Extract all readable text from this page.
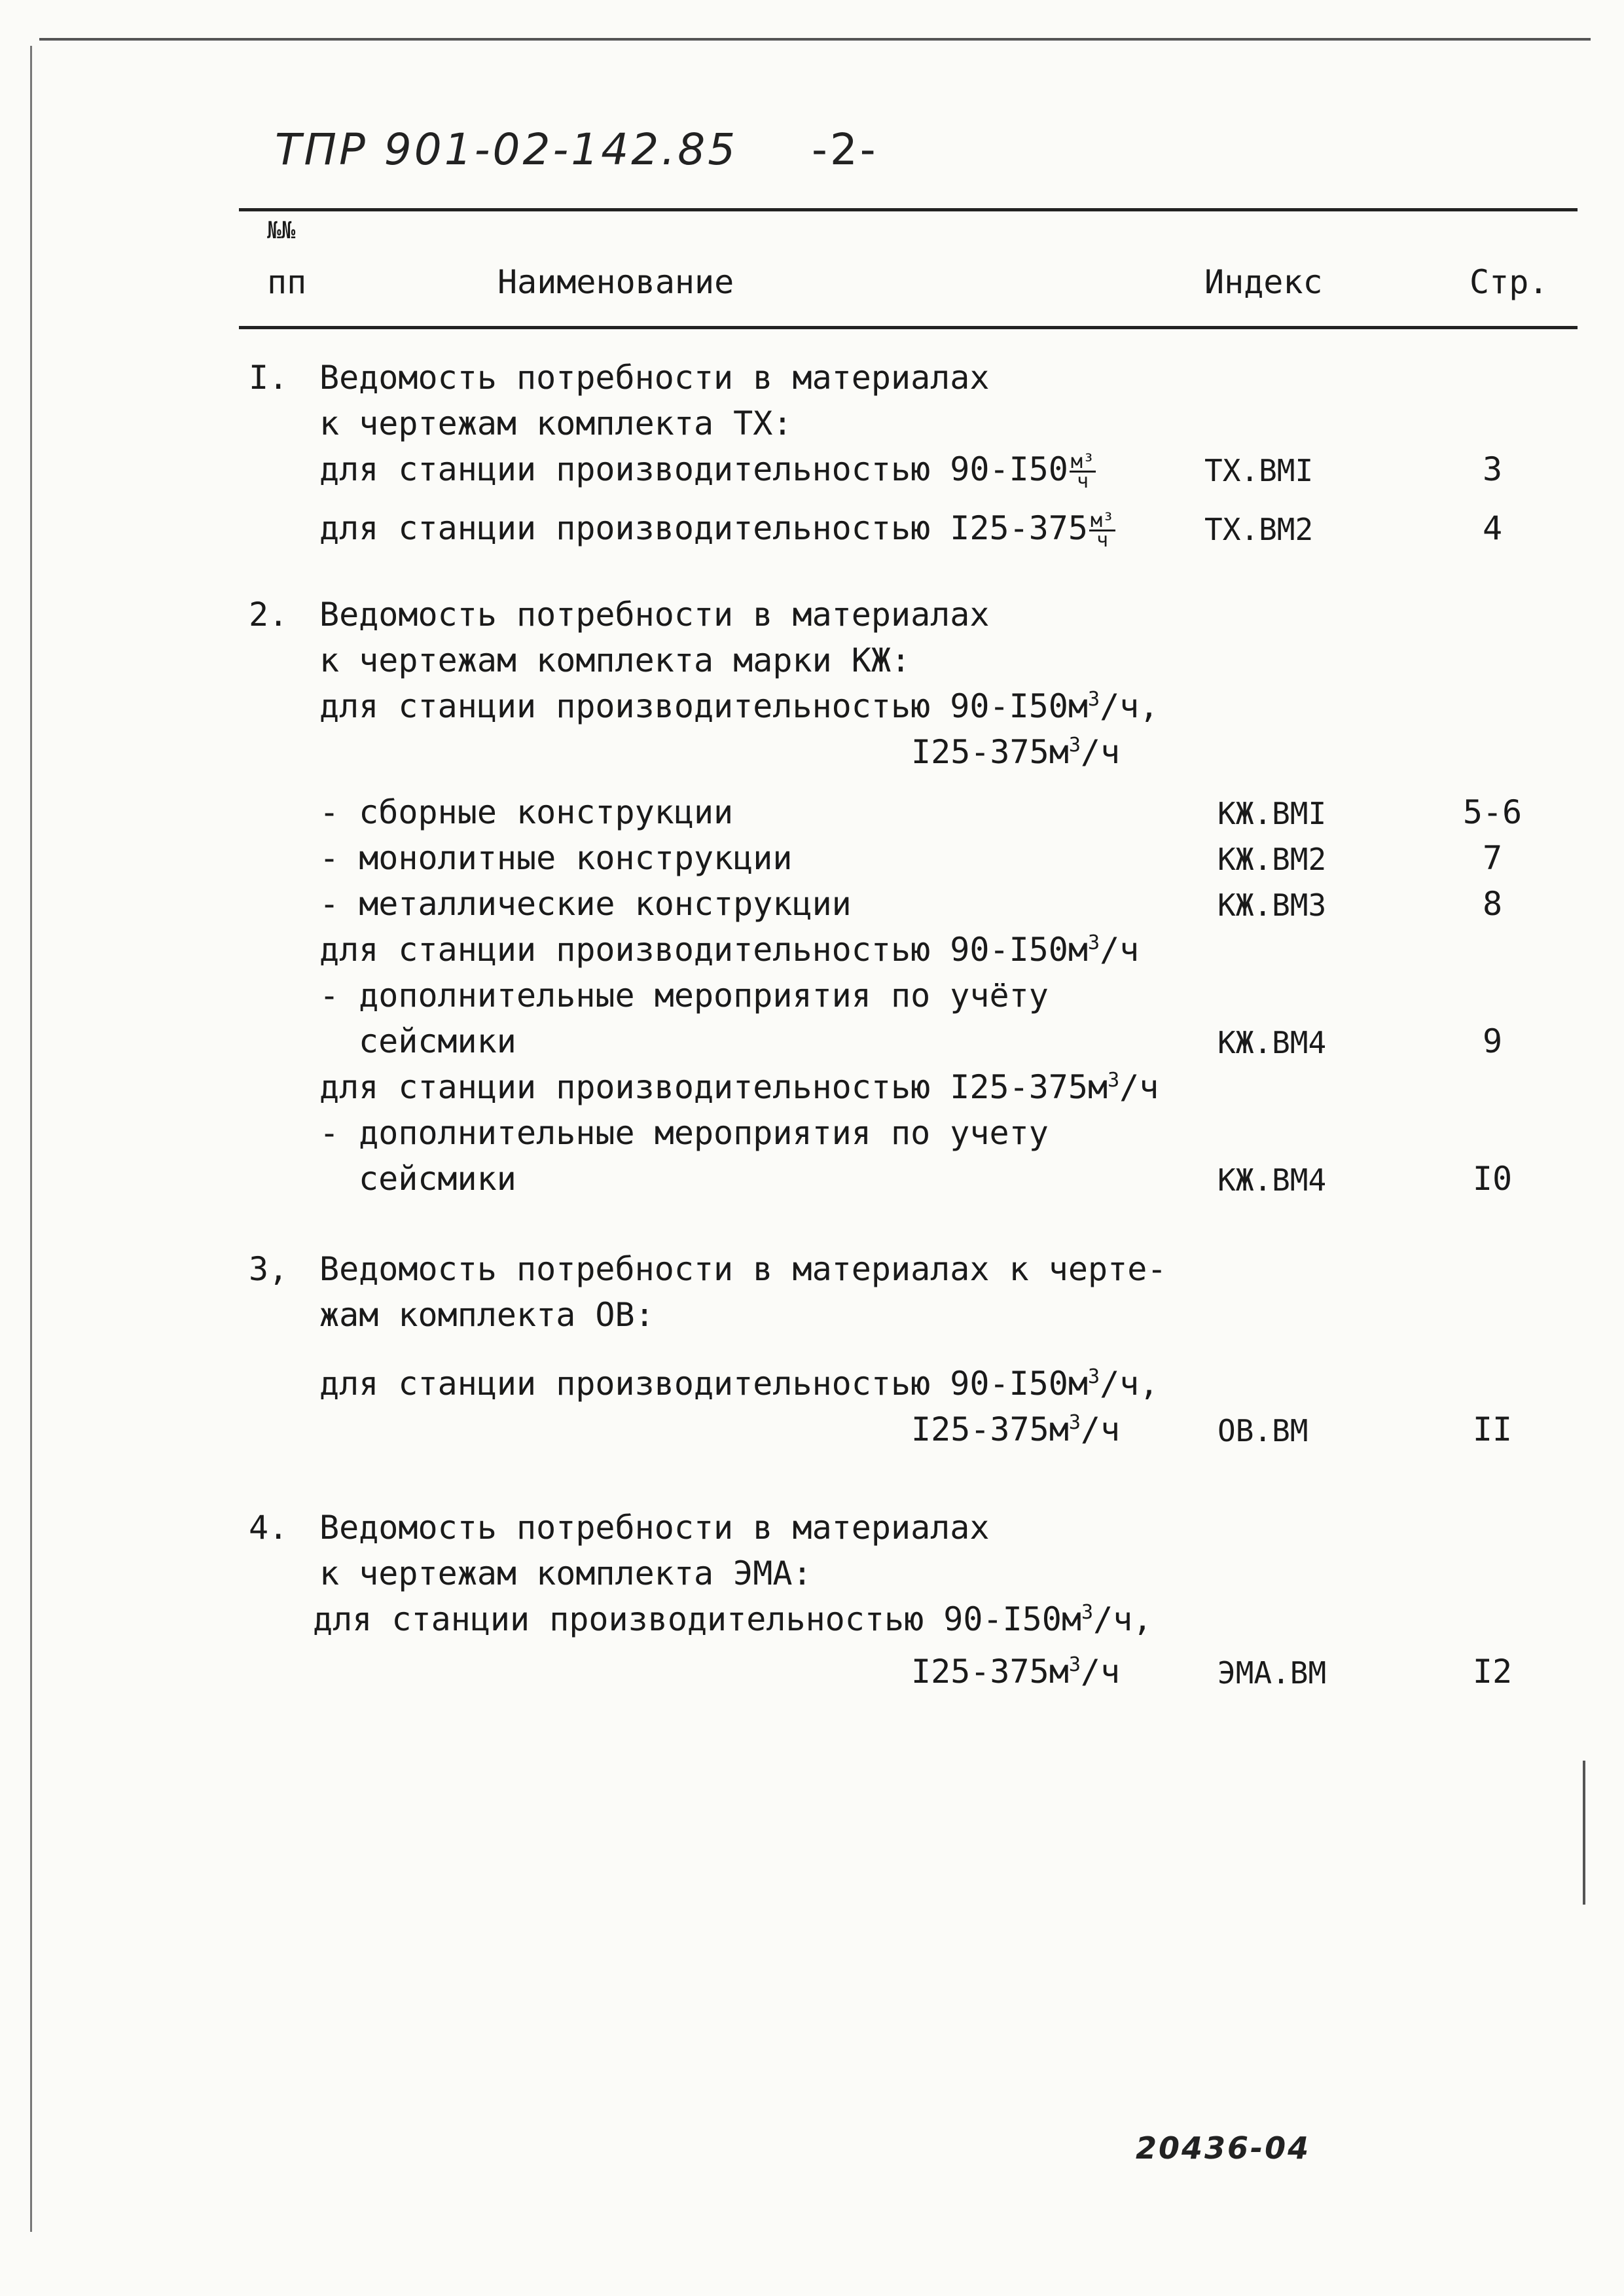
ТПР 901-02-142.85 -2-
№№
пп	Наименование	Индекс	Стр.
I. Ведомость потребности в материалах
к чертежам комплекта ТХ:
для станции производительностью $90-I50 \frac{\text{м³}}{ч}$	ТХ.ВМI	3
для станции производительностью $I25-375 \frac{\text{м³}}{ч}$	ТХ.ВМ2	4
2. Ведомость потребности в материалах
к чертежам комплекта марки КЖ:
для станции производительностью $90-I50м^3/ч$,
$I25-375м^3/ч$
- сборные конструкции	КЖ.ВМI	5-6
- монолитные конструкции	КЖ.ВМ2	7
- металлические конструкции	КЖ.ВМ3	8
для станции производительностью $90-I50м^3/ч$
- дополнительные мероприятия по учёту
сейсмики	КЖ.ВМ4	9
для станции производительностью $I25-375м^3/ч$
- дополнительные мероприятия по учету
сейсмики	КЖ.ВМ4	I0
3, Ведомость потребности в материалах к черте-
жам комплекта ОВ:
для станции производительностью $90-I50м^3/ч$,
$I25-375м^3/ч$	ОВ.ВМ	II
4. Ведомость потребности в материалах
к чертежам комплекта ЭМА:
для станции производительностью $90-I50м^3/ч$,
$I25-375м^3/ч$	ЭМА.ВМ	I2
20436-04
